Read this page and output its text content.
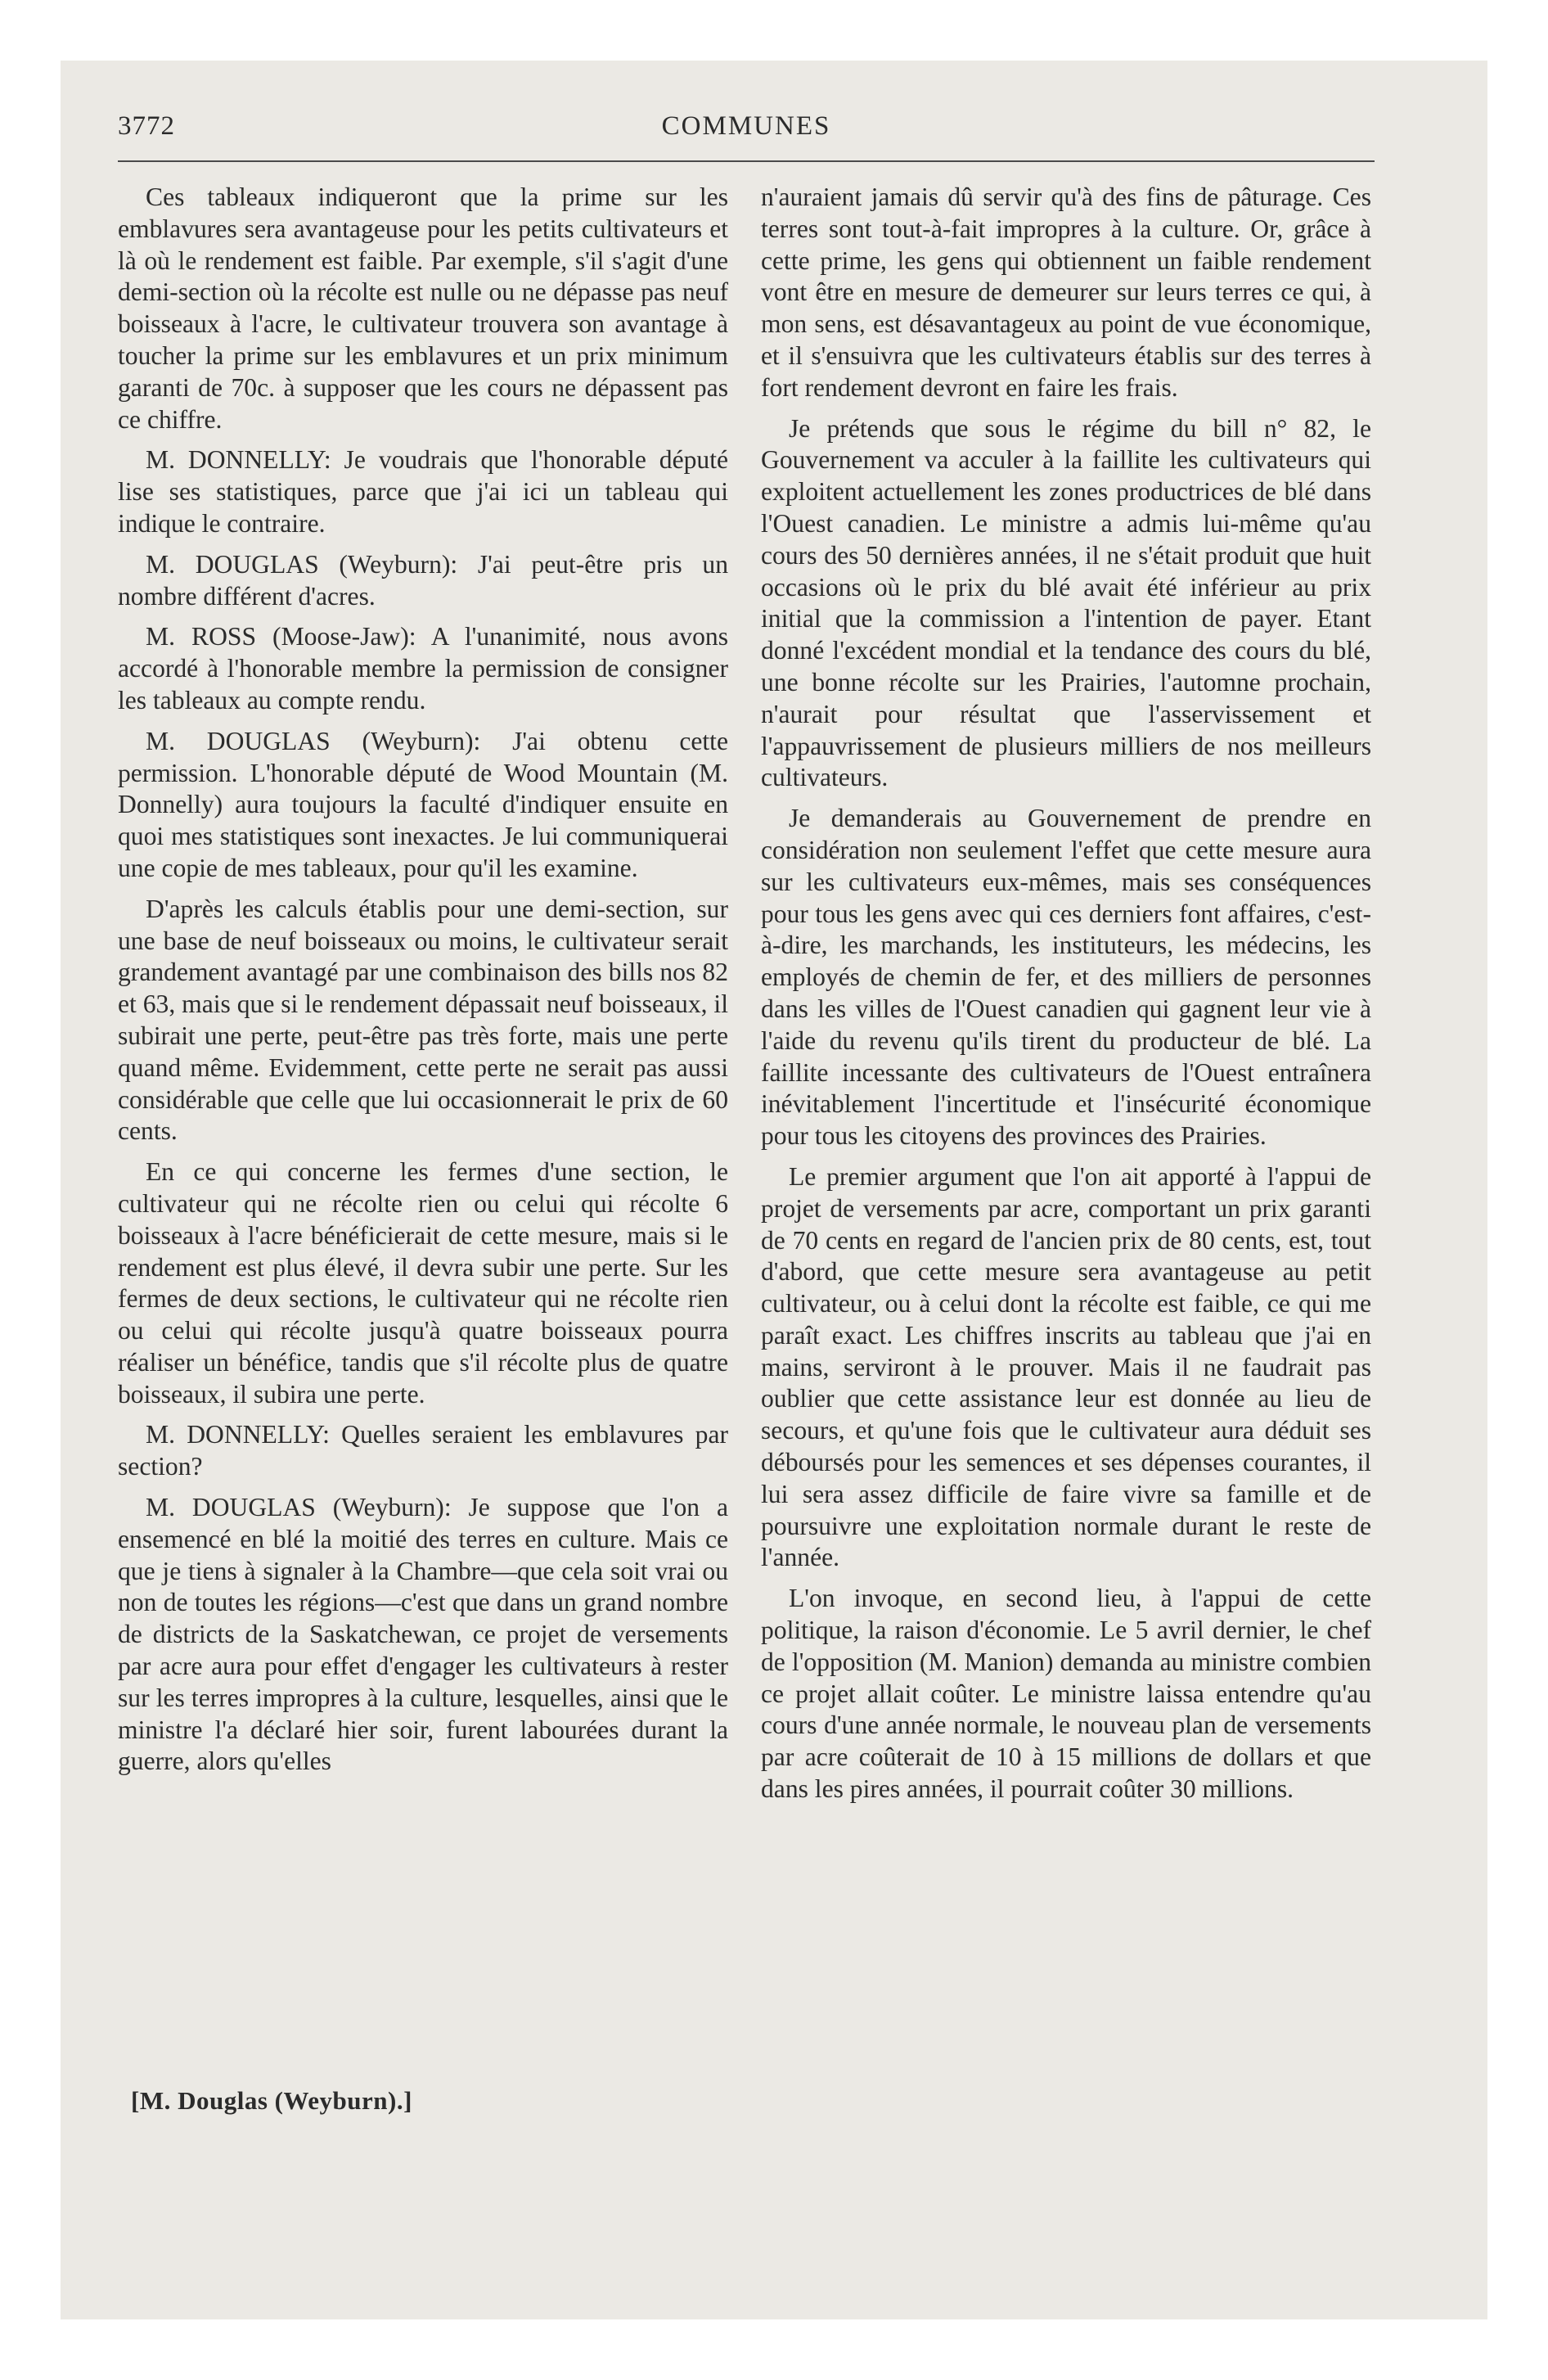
3772	COMMUNES

Ces tableaux indiqueront que la prime sur les emblavures sera avantageuse pour les petits cultivateurs et là où le rendement est faible. Par exemple, s'il s'agit d'une demi-section où la récolte est nulle ou ne dépasse pas neuf boisseaux à l'acre, le cultivateur trouvera son avantage à toucher la prime sur les emblavures et un prix minimum garanti de 70c. à supposer que les cours ne dépassent pas ce chiffre.

M. DONNELLY: Je voudrais que l'honorable député lise ses statistiques, parce que j'ai ici un tableau qui indique le contraire.

M. DOUGLAS (Weyburn): J'ai peut-être pris un nombre différent d'acres.

M. ROSS (Moose-Jaw): A l'unanimité, nous avons accordé à l'honorable membre la permission de consigner les tableaux au compte rendu.

M. DOUGLAS (Weyburn): J'ai obtenu cette permission. L'honorable député de Wood Mountain (M. Donnelly) aura toujours la faculté d'indiquer ensuite en quoi mes statistiques sont inexactes. Je lui communiquerai une copie de mes tableaux, pour qu'il les examine.

D'après les calculs établis pour une demi-section, sur une base de neuf boisseaux ou moins, le cultivateur serait grandement avantagé par une combinaison des bills nos 82 et 63, mais que si le rendement dépassait neuf boisseaux, il subirait une perte, peut-être pas très forte, mais une perte quand même. Evidemment, cette perte ne serait pas aussi considérable que celle que lui occasionnerait le prix de 60 cents.

En ce qui concerne les fermes d'une section, le cultivateur qui ne récolte rien ou celui qui récolte 6 boisseaux à l'acre bénéficierait de cette mesure, mais si le rendement est plus élevé, il devra subir une perte. Sur les fermes de deux sections, le cultivateur qui ne récolte rien ou celui qui récolte jusqu'à quatre boisseaux pourra réaliser un bénéfice, tandis que s'il récolte plus de quatre boisseaux, il subira une perte.

M. DONNELLY: Quelles seraient les emblavures par section?

M. DOUGLAS (Weyburn): Je suppose que l'on a ensemencé en blé la moitié des terres en culture. Mais ce que je tiens à signaler à la Chambre—que cela soit vrai ou non de toutes les régions—c'est que dans un grand nombre de districts de la Saskatchewan, ce projet de versements par acre aura pour effet d'engager les cultivateurs à rester sur les terres impropres à la culture, lesquelles, ainsi que le ministre l'a déclaré hier soir, furent labourées durant la guerre, alors qu'elles

n'auraient jamais dû servir qu'à des fins de pâturage. Ces terres sont tout-à-fait impropres à la culture. Or, grâce à cette prime, les gens qui obtiennent un faible rendement vont être en mesure de demeurer sur leurs terres ce qui, à mon sens, est désavantageux au point de vue économique, et il s'ensuivra que les cultivateurs établis sur des terres à fort rendement devront en faire les frais.

Je prétends que sous le régime du bill n° 82, le Gouvernement va acculer à la faillite les cultivateurs qui exploitent actuellement les zones productrices de blé dans l'Ouest canadien. Le ministre a admis lui-même qu'au cours des 50 dernières années, il ne s'était produit que huit occasions où le prix du blé avait été inférieur au prix initial que la commission a l'intention de payer. Etant donné l'excédent mondial et la tendance des cours du blé, une bonne récolte sur les Prairies, l'automne prochain, n'aurait pour résultat que l'asservissement et l'appauvrissement de plusieurs milliers de nos meilleurs cultivateurs.

Je demanderais au Gouvernement de prendre en considération non seulement l'effet que cette mesure aura sur les cultivateurs eux-mêmes, mais ses conséquences pour tous les gens avec qui ces derniers font affaires, c'est-à-dire, les marchands, les instituteurs, les médecins, les employés de chemin de fer, et des milliers de personnes dans les villes de l'Ouest canadien qui gagnent leur vie à l'aide du revenu qu'ils tirent du producteur de blé. La faillite incessante des cultivateurs de l'Ouest entraînera inévitablement l'incertitude et l'insécurité économique pour tous les citoyens des provinces des Prairies.

Le premier argument que l'on ait apporté à l'appui de projet de versements par acre, comportant un prix garanti de 70 cents en regard de l'ancien prix de 80 cents, est, tout d'abord, que cette mesure sera avantageuse au petit cultivateur, ou à celui dont la récolte est faible, ce qui me paraît exact. Les chiffres inscrits au tableau que j'ai en mains, serviront à le prouver. Mais il ne faudrait pas oublier que cette assistance leur est donnée au lieu de secours, et qu'une fois que le cultivateur aura déduit ses déboursés pour les semences et ses dépenses courantes, il lui sera assez difficile de faire vivre sa famille et de poursuivre une exploitation normale durant le reste de l'année.

L'on invoque, en second lieu, à l'appui de cette politique, la raison d'économie. Le 5 avril dernier, le chef de l'opposition (M. Manion) demanda au ministre combien ce projet allait coûter. Le ministre laissa entendre qu'au cours d'une année normale, le nouveau plan de versements par acre coûterait de 10 à 15 millions de dollars et que dans les pires années, il pourrait coûter 30 millions.

[M. Douglas (Weyburn).]
